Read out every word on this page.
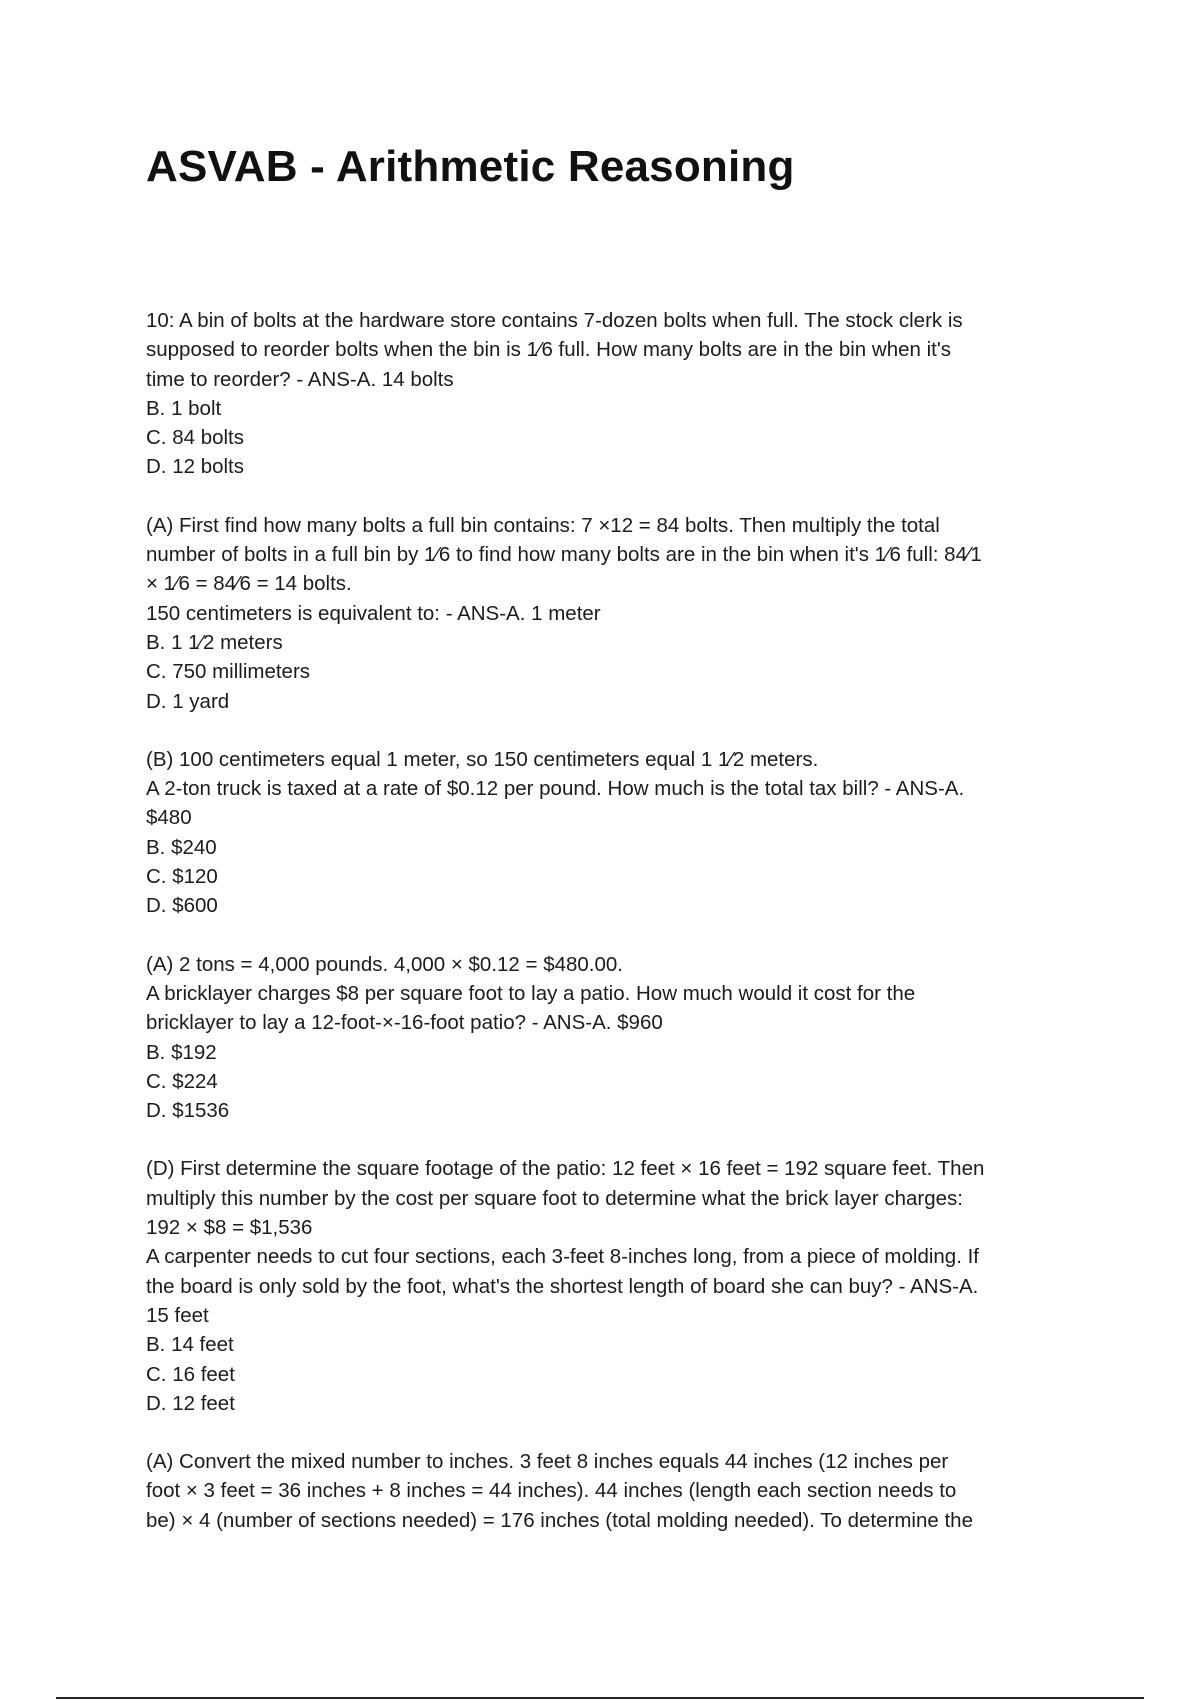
ASVAB - Arithmetic Reasoning
10: A bin of bolts at the hardware store contains 7-dozen bolts when full. The stock clerk is
supposed to reorder bolts when the bin is 1⁄6 full. How many bolts are in the bin when it's
time to reorder? - ANS-A. 14 bolts
B. 1 bolt
C. 84 bolts
D. 12 bolts
(A) First find how many bolts a full bin contains: 7 ×12 = 84 bolts. Then multiply the total
number of bolts in a full bin by 1⁄6 to find how many bolts are in the bin when it's 1⁄6 full: 84⁄1
× 1⁄6 = 84⁄6 = 14 bolts.
150 centimeters is equivalent to: - ANS-A. 1 meter
B. 1 1⁄2 meters
C. 750 millimeters
D. 1 yard
(B) 100 centimeters equal 1 meter, so 150 centimeters equal 1 1⁄2 meters.
A 2-ton truck is taxed at a rate of $0.12 per pound. How much is the total tax bill? - ANS-A.
$480
B. $240
C. $120
D. $600
(A) 2 tons = 4,000 pounds. 4,000 × $0.12 = $480.00.
A bricklayer charges $8 per square foot to lay a patio. How much would it cost for the
bricklayer to lay a 12-foot-×-16-foot patio? - ANS-A. $960
B. $192
C. $224
D. $1536
(D) First determine the square footage of the patio: 12 feet × 16 feet = 192 square feet. Then
multiply this number by the cost per square foot to determine what the brick layer charges:
192 × $8 = $1,536
A carpenter needs to cut four sections, each 3-feet 8-inches long, from a piece of molding. If
the board is only sold by the foot, what's the shortest length of board she can buy? - ANS-A.
15 feet
B. 14 feet
C. 16 feet
D. 12 feet
(A) Convert the mixed number to inches. 3 feet 8 inches equals 44 inches (12 inches per
foot × 3 feet = 36 inches + 8 inches = 44 inches). 44 inches (length each section needs to
be) × 4 (number of sections needed) = 176 inches (total molding needed). To determine the
